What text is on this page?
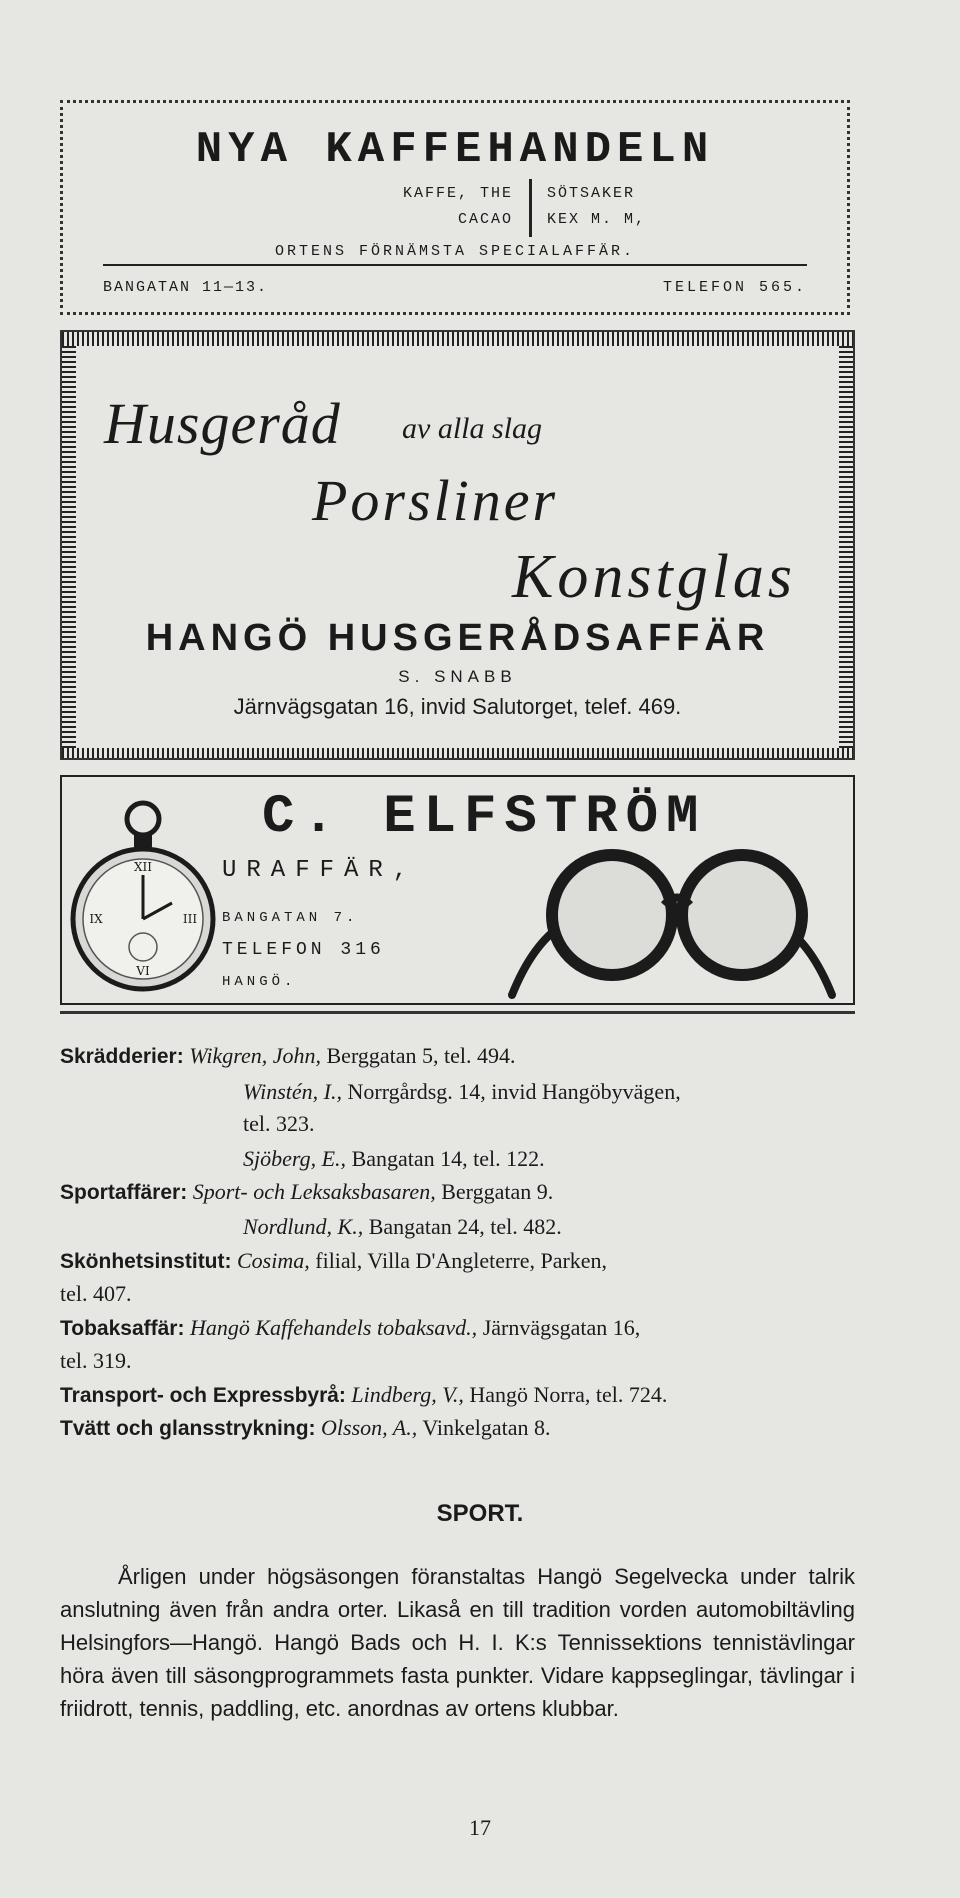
NYA KAFFEHANDELN
KAFFE, THE
CACAO
SÖTSAKER
KEX M. M,
ORTENS FÖRNÄMSTA SPECIALAFFÄR.
BANGATAN 11—13.	TELEFON 565.
Husgeråd av alla slag
Porsliner
Konstglas
HANGÖ HUSGERÅDSAFFÄR
S. SNABB
Järnvägsgatan 16, invid Salutorget, telef. 469.
XII
III
VI
IX
C. ELFSTRÖM
URAFFÄR,
BANGATAN 7.
TELEFON 316
HANGÖ.
Skrädderier: Wikgren, John, Berggatan 5, tel. 494.
Winstén, I., Norrgårdsg. 14, invid Hangöbyvägen,
tel. 323.
Sjöberg, E., Bangatan 14, tel. 122.
Sportaffärer: Sport- och Leksaksbasaren, Berggatan 9.
Nordlund, K., Bangatan 24, tel. 482.
Skönhetsinstitut: Cosima, filial, Villa D'Angleterre, Parken,
tel. 407.
Tobaksaffär: Hangö Kaffehandels tobaksavd., Järnvägsgatan 16,
tel. 319.
Transport- och Expressbyrå: Lindberg, V., Hangö Norra, tel. 724.
Tvätt och glansstrykning: Olsson, A., Vinkelgatan 8.
SPORT.
Årligen under högsäsongen föranstaltas Hangö Segelvecka under talrik anslutning även från andra orter. Likaså en till tradition vorden automobiltävling Helsingfors—Hangö. Hangö Bads och H. I. K:s Tennissektions tennistävlingar höra även till säsongprogrammets fasta punkter. Vidare kappseglingar, tävlingar i friidrott, tennis, paddling, etc. anordnas av ortens klubbar.
17
